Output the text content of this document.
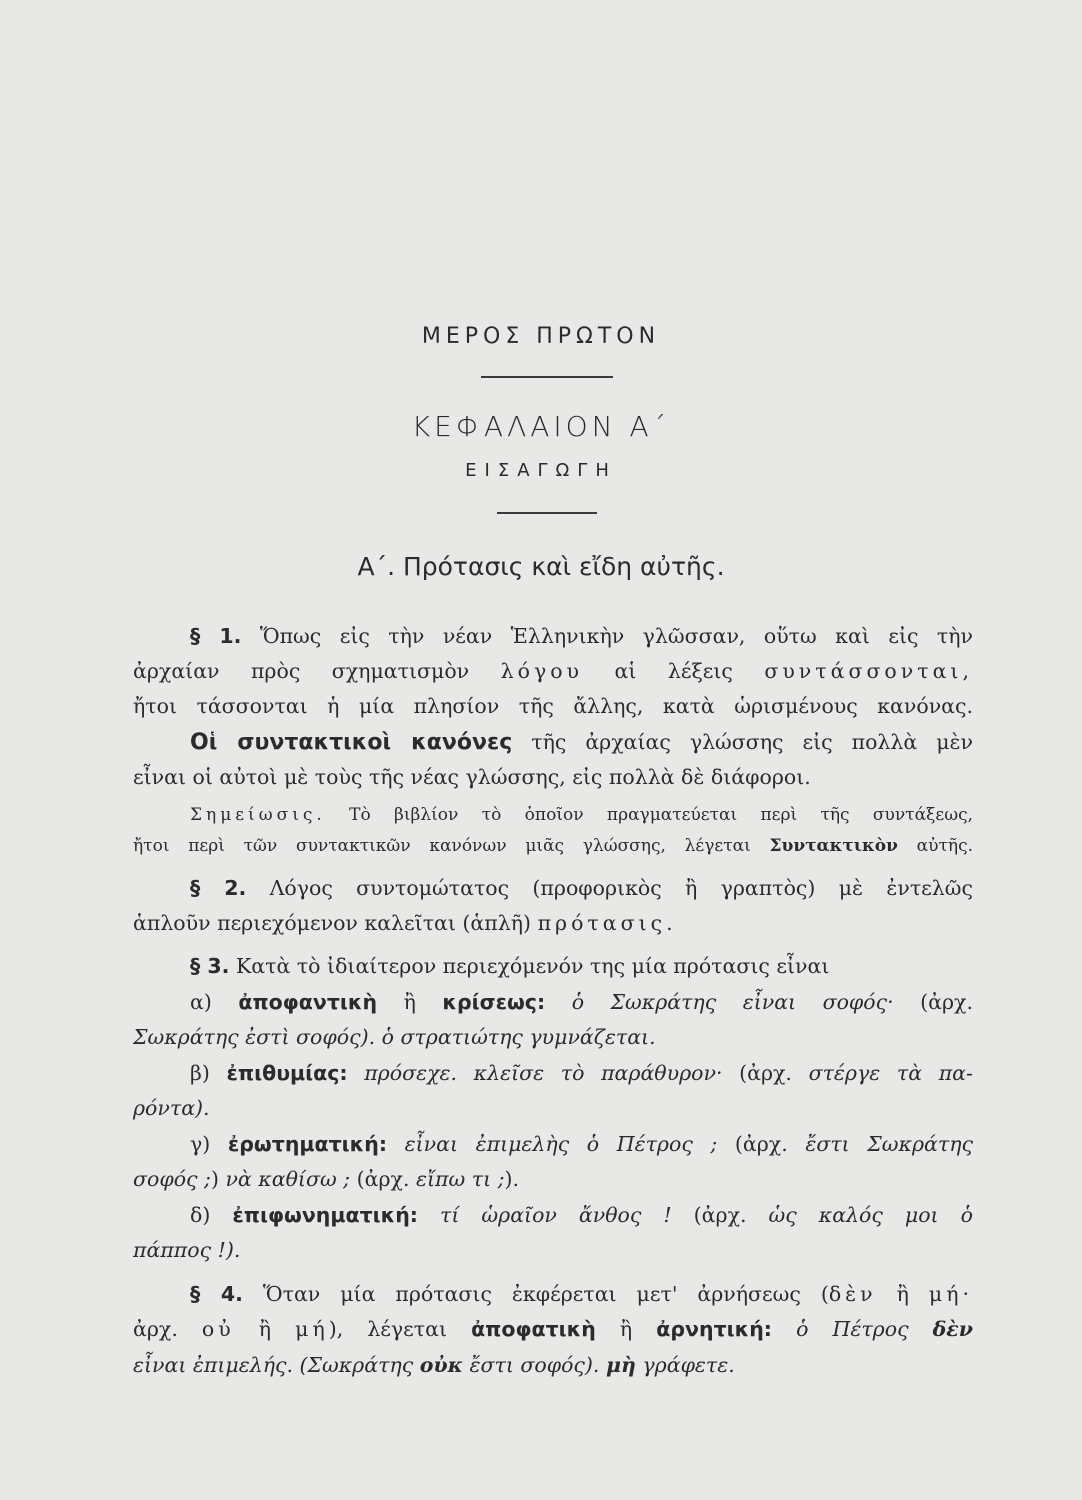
ΜΕΡΟΣ ΠΡΩΤΟΝ
ΚΕΦΑΛΑΙΟΝ Α΄
ΕΙΣΑΓΩΓΗ
Α΄. Πρότασις καὶ εἴδη αὐτῆς.
§ 1. Ὅπως εἰς τὴν νέαν Ἑλληνικὴν γλῶσσαν, οὕτω καὶ εἰς τὴν
ἀρχαίαν πρὸς σχηματισμὸν λόγου αἱ λέξεις συντάσσονται,
ἤτοι τάσσονται ἡ μία πλησίον τῆς ἄλλης, κατὰ ὡρισμένους κανόνας.
Οἱ συντακτικοὶ κανόνες τῆς ἀρχαίας γλώσσης εἰς πολλὰ μὲν
εἶναι οἱ αὐτοὶ μὲ τοὺς τῆς νέας γλώσσης, εἰς πολλὰ δὲ διάφοροι.
Σημείωσις. Τὸ βιβλίον τὸ ὁποῖον πραγματεύεται περὶ τῆς συντάξεως,
ἤτοι περὶ τῶν συντακτικῶν κανόνων μιᾶς γλώσσης, λέγεται Συντακτικὸν αὐτῆς.
§ 2. Λόγος συντομώτατος (προφορικὸς ἢ γραπτὸς) μὲ ἐντελῶς
ἁπλοῦν περιεχόμενον καλεῖται (ἁπλῆ) πρότασις.
§ 3. Κατὰ τὸ ἰδιαίτερον περιεχόμενόν της μία πρότασις εἶναι
α) ἀποφαντικὴ ἢ κρίσεως: ὁ Σωκράτης εἶναι σοφός· (ἀρχ.
Σωκράτης ἐστὶ σοφός). ὁ στρατιώτης γυμνάζεται.
β) ἐπιθυμίας: πρόσεχε. κλεῖσε τὸ παράθυρον· (ἀρχ. στέργε τὰ πα-
ρόντα).
γ) ἐρωτηματική: εἶναι ἐπιμελὴς ὁ Πέτρος ; (ἀρχ. ἔστι Σωκράτης
σοφός ;) νὰ καθίσω ; (ἀρχ. εἴπω τι ;).
δ) ἐπιφωνηματική: τί ὡραῖον ἄνθος ! (ἀρχ. ὡς καλός μοι ὁ
πάππος !).
§ 4. Ὅταν μία πρότασις ἐκφέρεται μετ' ἀρνήσεως (δὲν ἢ μή·
ἀρχ. οὐ ἢ μή), λέγεται ἀποφατικὴ ἢ ἀρνητική: ὁ Πέτρος δὲν
εἶναι ἐπιμελής. (Σωκράτης οὐκ ἔστι σοφός). μὴ γράφετε.
